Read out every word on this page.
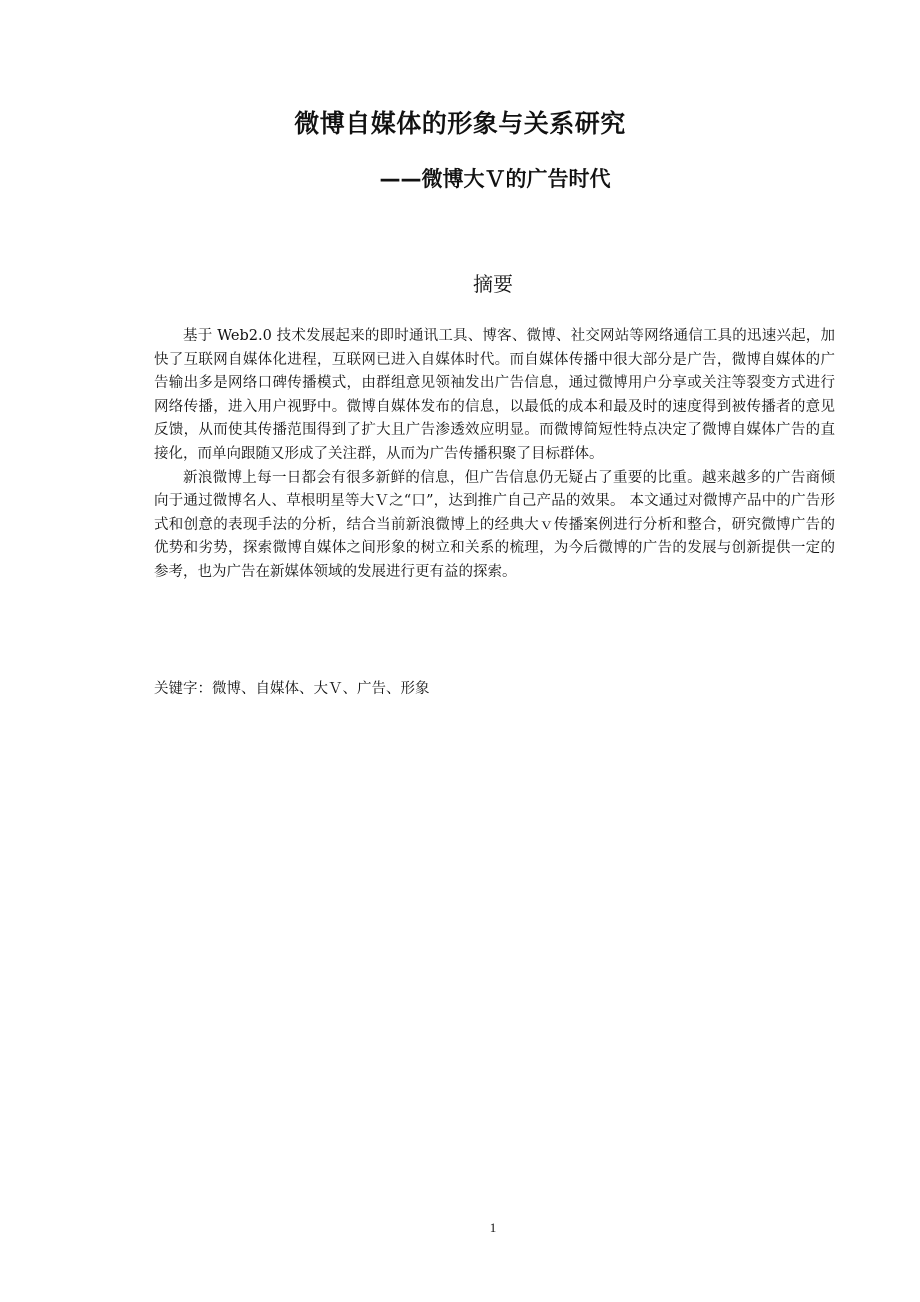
微博自媒体的形象与关系研究
——微博大Ｖ的广告时代
摘要

基于 Web2.0 技术发展起来的即时通讯工具、博客、微博、社交网站等网络通信工具的迅速兴起，加快了互联网自媒体化进程，互联网已进入自媒体时代。而自媒体传播中很大部分是广告，微博自媒体的广告输出多是网络口碑传播模式，由群组意见领袖发出广告信息，通过微博用户分享或关注等裂变方式进行网络传播，进入用户视野中。微博自媒体发布的信息，以最低的成本和最及时的速度得到被传播者的意见反馈，从而使其传播范围得到了扩大且广告渗透效应明显。而微博简短性特点决定了微博自媒体广告的直接化，而单向跟随又形成了关注群，从而为广告传播积聚了目标群体。

新浪微博上每一日都会有很多新鲜的信息，但广告信息仍无疑占了重要的比重。越来越多的广告商倾向于通过微博名人、草根明星等大Ｖ之“口”，达到推广自己产品的效果。 本文通过对微博产品中的广告形式和创意的表现手法的分析，结合当前新浪微博上的经典大ｖ传播案例进行分析和整合，研究微博广告的优势和劣势，探索微博自媒体之间形象的树立和关系的梳理，为今后微博的广告的发展与创新提供一定的参考，也为广告在新媒体领域的发展进行更有益的探索。

关键字：微博、自媒体、大Ｖ、广告、形象
1
